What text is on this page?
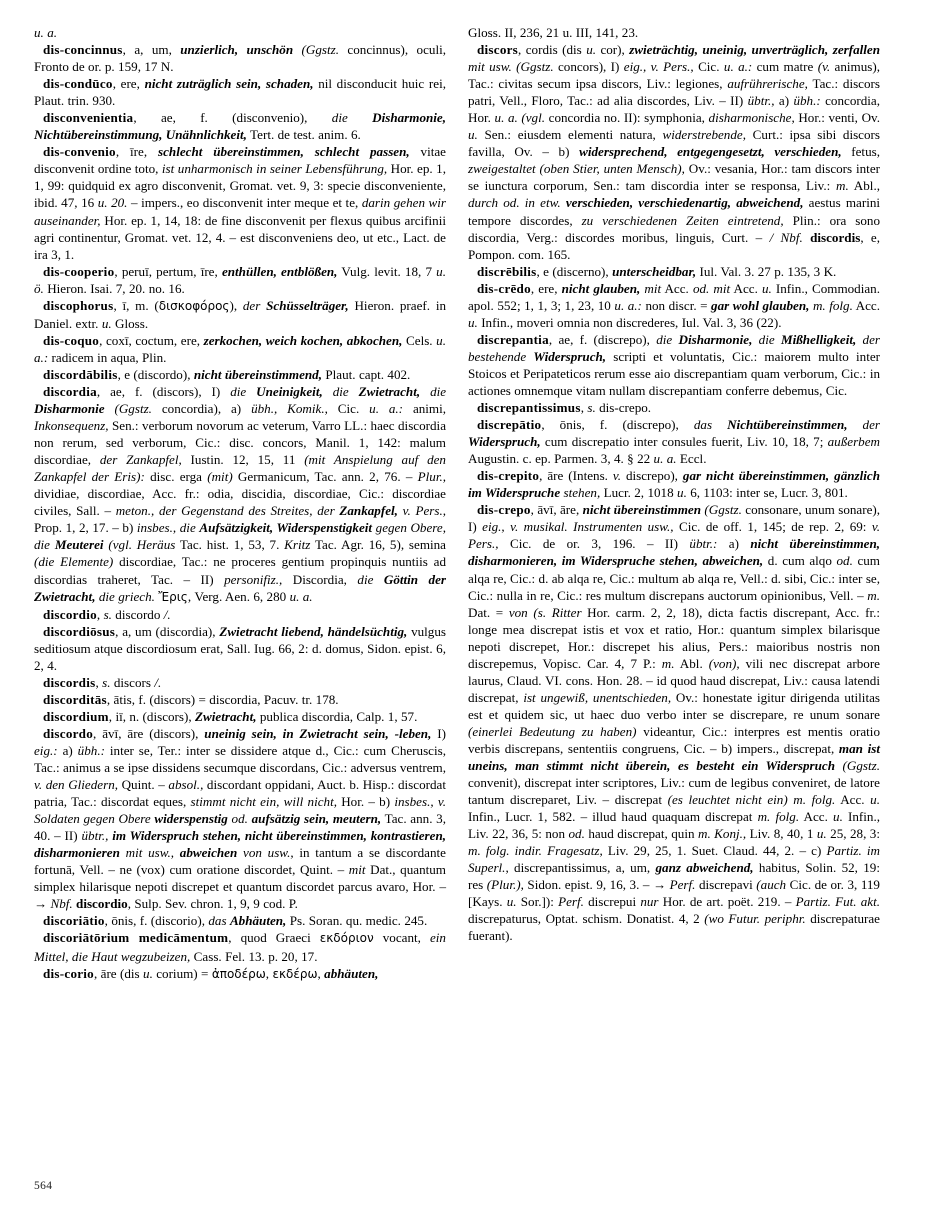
u. a.

dis-concinnus, a, um, unzierlich, unschön (Ggstz. concinnus), oculi, Fronto de or. p. 159, 17 N.

dis-condūco, ere, nicht zuträglich sein, schaden, nil disconducit huic rei, Plaut. trin. 930.

disconvenientia, ae, f. (disconvenio), die Disharmonie, Nichtübereinstimmung, Unähnlichkeit, Tert. de test. anim. 6.

dis-convenio, īre, schlecht übereinstimmen, schlecht passen, vitae disconvenit ordine toto, ist unharmonisch in seiner Lebensführung, Hor. ep. 1, 1, 99: quidquid ex agro disconvenit, Gromat. vet. 9, 3: specie disconveniente, ibid. 47, 16 u. 20. – impers., eo disconvenit inter meque et te, darin gehen wir auseinander, Hor. ep. 1, 14, 18: de fine disconvenit per flexus quibus arcifinii agri continentur, Gromat. vet. 12, 4. – est disconveniens deo, ut etc., Lact. de ira 3, 1.

dis-cooperio, peruī, pertum, īre, enthüllen, entblößen, Vulg. levit. 18, 7 u. ö. Hieron. Isai. 7, 20. no. 16.

discophorus, ī, m. (δισκοφόρος), der Schüsselträger, Hieron. praef. in Daniel. extr. u. Gloss.

dis-coquo, coxī, coctum, ere, zerkochen, weich kochen, abkochen, Cels. u. a.: radicem in aqua, Plin.

discordābilis, e (discordo), nicht übereinstimmend, Plaut. capt. 402.

discordia, ae, f. (discors), I) die Uneinigkeit, die Zwietracht, die Disharmonie (Ggstz. concordia), a) übh., Komik., Cic. u. a.: animi, Inkonsequenz, Sen.: verborum novorum ac veterum, Varro LL.: haec discordia non rerum, sed verborum, Cic.: disc. concors, Manil. 1, 142: malum discordiae, der Zankapfel, Iustin. 12, 15, 11 (mit Anspielung auf den Zankapfel der Eris): disc. erga (mit) Germanicum, Tac. ann. 2, 76. – Plur., dividiae, discordiae, Acc. fr.: odia, discidia, discordiae, Cic.: discordiae civiles, Sall. – meton., der Gegenstand des Streites, der Zankapfel, v. Pers., Prop. 1, 2, 17. – b) insbes., die Aufsätzigkeit, Widerspenstigkeit gegen Obere, die Meuterei (vgl. Heräus Tac. hist. 1, 53, 7. Kritz Tac. Agr. 16, 5), semina (die Elemente) discordiae, Tac.: ne proceres gentium propinquis nuntiis ad discordias traheret, Tac. – II) personifiz., Discordia, die Göttin der Zwietracht, die griech. Ἔρις, Verg. Aen. 6, 280 u. a.

discordio, s. discordo /.

discordiōsus, a, um (discordia), Zwietracht liebend, händelsüchtig, vulgus seditiosum atque discordiosum erat, Sall. Iug. 66, 2: d. domus, Sidon. epist. 6, 2, 4.

discordis, s. discors /.

discorditās, ātis, f. (discors) = discordia, Pacuv. tr. 178.

discordium, iī, n. (discors), Zwietracht, publica discordia, Calp. 1, 57.

discordo, āvī, āre (discors), uneinig sein, in Zwietracht sein, -leben, I) eig.: a) übh.: inter se, Ter.: inter se dissidere atque d., Cic.: cum Cheruscis, Tac.: animus a se ipse dissidens secumque discordans, Cic.: adversus ventrem, v. den Gliedern, Quint. – absol., discordant oppidani, Auct. b. Hisp.: discordat patria, Tac.: discordat eques, stimmt nicht ein, will nicht, Hor. – b) insbes., v. Soldaten gegen Obere widerspenstig od. aufsätzig sein, meutern, Tac. ann. 3, 40. – II) übtr., im Widerspruch stehen, nicht übereinstimmen, kontrastieren, disharmonieren mit usw., abweichen von usw., in tantum a se discordante fortunā, Vell. – ne (vox) cum oratione discordet, Quint. – mit Dat., quantum simplex hilarisque nepoti discrepet et quantum discordet parcus avaro, Hor. – → Nbf. discordio, Sulp. Sev. chron. 1, 9, 9 cod. P.

discoriātio, ōnis, f. (discorio), das Abhäuten, Ps. Soran. qu. medic. 245.

discoriātōrium medicāmentum, quod Graeci εκδόριον vocant, ein Mittel, die Haut wegzubeizen, Cass. Fel. 13. p. 20, 17.

dis-corio, āre (dis u. corium) = ἀποδέρω, εκδέρω, abhäuten,

Gloss. II, 236, 21 u. III, 141, 23.

discors, cordis (dis u. cor), zwieträchtig, uneinig, unverträglich, zerfallen mit usw. (Ggstz. concors), I) eig., v. Pers., Cic. u. a.: cum matre (v. animus), Tac.: civitas secum ipsa discors, Liv.: legiones, aufrührerische, Tac.: discors patri, Vell., Floro, Tac.: ad alia discordes, Liv. – II) übtr., a) übh.: concordia, Hor. u. a. (vgl. concordia no. II): symphonia, disharmonische, Hor.: venti, Ov. u. Sen.: eiusdem elementi natura, widerstrebende, Curt.: ipsa sibi discors favilla, Ov. – b) widersprechend, entgegengesetzt, verschieden, fetus, zweigestaltet (oben Stier, unten Mensch), Ov.: vesania, Hor.: tam discors inter se iunctura corporum, Sen.: tam discordia inter se responsa, Liv.: m. Abl., durch od. in etw. verschieden, verschiedenartig, abweichend, aestus marini tempore discordes, zu verschiedenen Zeiten eintretend, Plin.: ora sono discordia, Verg.: discordes moribus, linguis, Curt. – / Nbf. discordis, e, Pompon. com. 165.

discrēbilis, e (discerno), unterscheidbar, Iul. Val. 3. 27 p. 135, 3 K.

dis-crēdo, ere, nicht glauben, mit Acc. od. mit Acc. u. Infin., Commodian. apol. 552; 1, 1, 3; 1, 23, 10 u. a.: non discr. = gar wohl glauben, m. folg. Acc. u. Infin., moveri omnia non discrederes, Iul. Val. 3, 36 (22).

discrepantia, ae, f. (discrepo), die Disharmonie, die Mißhelligkeit, der bestehende Widerspruch, scripti et voluntatis, Cic.: maiorem multo inter Stoicos et Peripateticos rerum esse aio discrepantiam quam verborum, Cic.: in actiones omnemque vitam nullam discrepantiam conferre debemus, Cic.

discrepantissimus, s. dis-crepo.

discrepātio, ōnis, f. (discrepo), das Nichtübereinstimmen, der Widerspruch, cum discrepatio inter consules fuerit, Liv. 10, 18, 7; außerbem Augustin. c. ep. Parmen. 3, 4. § 22 u. a. Eccl.

dis-crepito, āre (Intens. v. discrepo), gar nicht übereinstimmen, gänzlich im Widerspruche stehen, Lucr. 2, 1018 u. 6, 1103: inter se, Lucr. 3, 801.

dis-crepo, āvī, āre, nicht übereinstimmen (Ggstz. consonare, unum sonare), I) eig., v. musikal. Instrumenten usw., Cic. de off. 1, 145; de rep. 2, 69: v. Pers., Cic. de or. 3, 196. – II) übtr.: a) nicht übereinstimmen, disharmonieren, im Widerspruche stehen, abweichen, d. cum alqo od. cum alqa re, Cic.: d. ab alqa re, Cic.: multum ab alqa re, Vell.: d. sibi, Cic.: inter se, Cic.: nulla in re, Cic.: res multum discrepans auctorum opinionibus, Vell. – m. Dat. = von (s. Ritter Hor. carm. 2, 2, 18), dicta factis discrepant, Acc. fr.: longe mea discrepat istis et vox et ratio, Hor.: quantum simplex bilarisque nepoti discrepet, Hor.: discrepet his alius, Pers.: maioribus nostris non discrepemus, Vopisc. Car. 4, 7 P.: m. Abl. (von), vili nec discrepat arbore laurus, Claud. VI. cons. Hon. 28. – id quod haud discrepat, Liv.: causa latendi discrepat, ist ungewiß, unentschieden, Ov.: honestate igitur dirigenda utilitas est et quidem sic, ut haec duo verbo inter se discrepare, re unum sonare (einerlei Bedeutung zu haben) videantur, Cic.: interpres est mentis oratio verbis discrepans, sententiis congruens, Cic. – b) impers., discrepat, man ist uneins, man stimmt nicht überein, es besteht ein Widerspruch (Ggstz. convenit), discrepat inter scriptores, Liv.: cum de legibus conveniret, de latore tantum discreparet, Liv. – discrepat (es leuchtet nicht ein) m. folg. Acc. u. Infin., Lucr. 1, 582. – illud haud quaquam discrepat m. folg. Acc. u. Infin., Liv. 22, 36, 5: non od. haud discrepat, quin m. Konj., Liv. 8, 40, 1 u. 25, 28, 3: m. folg. indir. Fragesatz, Liv. 29, 25, 1. Suet. Claud. 44, 2. – c) Partiz. im Superl., discrepantissimus, a, um, ganz abweichend, habitus, Solin. 52, 19: res (Plur.), Sidon. epist. 9, 16, 3. – → Perf. discrepavi (auch Cic. de or. 3, 119 [Kays. u. Sor.]): Perf. discrepui nur Hor. de art. poët. 219. – Partiz. Fut. akt. discrepaturus, Optat. schism. Donatist. 4, 2 (wo Futur. periphr. discrepaturae fuerant).

564
